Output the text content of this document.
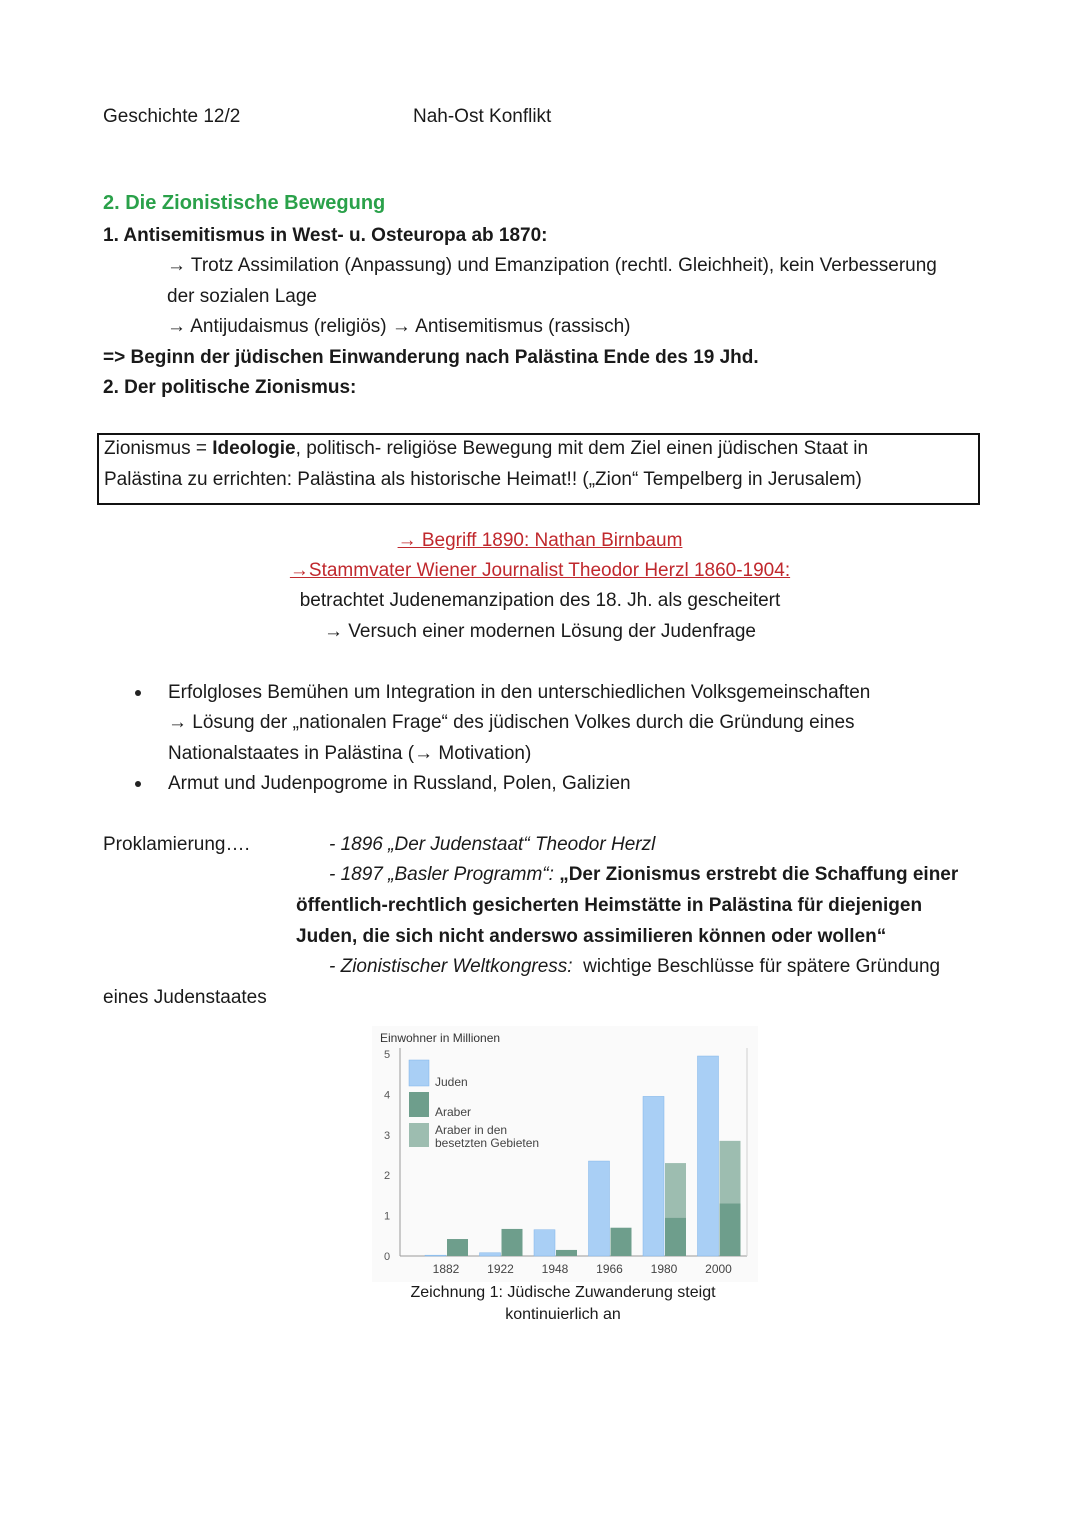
Geschichte 12/2	Nah-Ost Konflikt
2. Die Zionistische Bewegung
1. Antisemitismus in West- u. Osteuropa ab 1870:
→ Trotz Assimilation (Anpassung) und Emanzipation (rechtl. Gleichheit), kein Verbesserung
der sozialen Lage
→ Antijudaismus (religiös) → Antisemitismus (rassisch)
=> Beginn der jüdischen Einwanderung nach Palästina Ende des 19 Jhd.
2. Der politische Zionismus:
Zionismus = Ideologie, politisch- religiöse Bewegung mit dem Ziel einen jüdischen Staat in
Palästina zu errichten: Palästina als historische Heimat!! („Zion“ Tempelberg in Jerusalem)
→ Begriff 1890: Nathan Birnbaum
→Stammvater Wiener Journalist Theodor Herzl 1860-1904:
betrachtet Judenemanzipation des 18. Jh. als gescheitert
→ Versuch einer modernen Lösung der Judenfrage
Erfolgloses Bemühen um Integration in den unterschiedlichen Volksgemeinschaften
→ Lösung der „nationalen Frage“ des jüdischen Volkes durch die Gründung eines
Nationalstaates in Palästina (→ Motivation)
Armut und Judenpogrome in Russland, Polen, Galizien
Proklamierung….	- 1896 „Der Judenstaat“ Theodor Herzl
- 1897 „Basler Programm“: „Der Zionismus erstrebt die Schaffung einer
öffentlich-rechtlich gesicherten Heimstätte in Palästina für diejenigen
Juden, die sich nicht anderswo assimilieren können oder wollen“
- Zionistischer Weltkongress:  wichtige Beschlüsse für spätere Gründung
eines Judenstaates
Einwohner in Millionen
0
1
2
3
4
5
1882 1922 1948 1966 1980 2000
Juden
Araber
Araber in den
besetzten Gebieten
Zeichnung 1: Jüdische Zuwanderung steigt
kontinuierlich an
